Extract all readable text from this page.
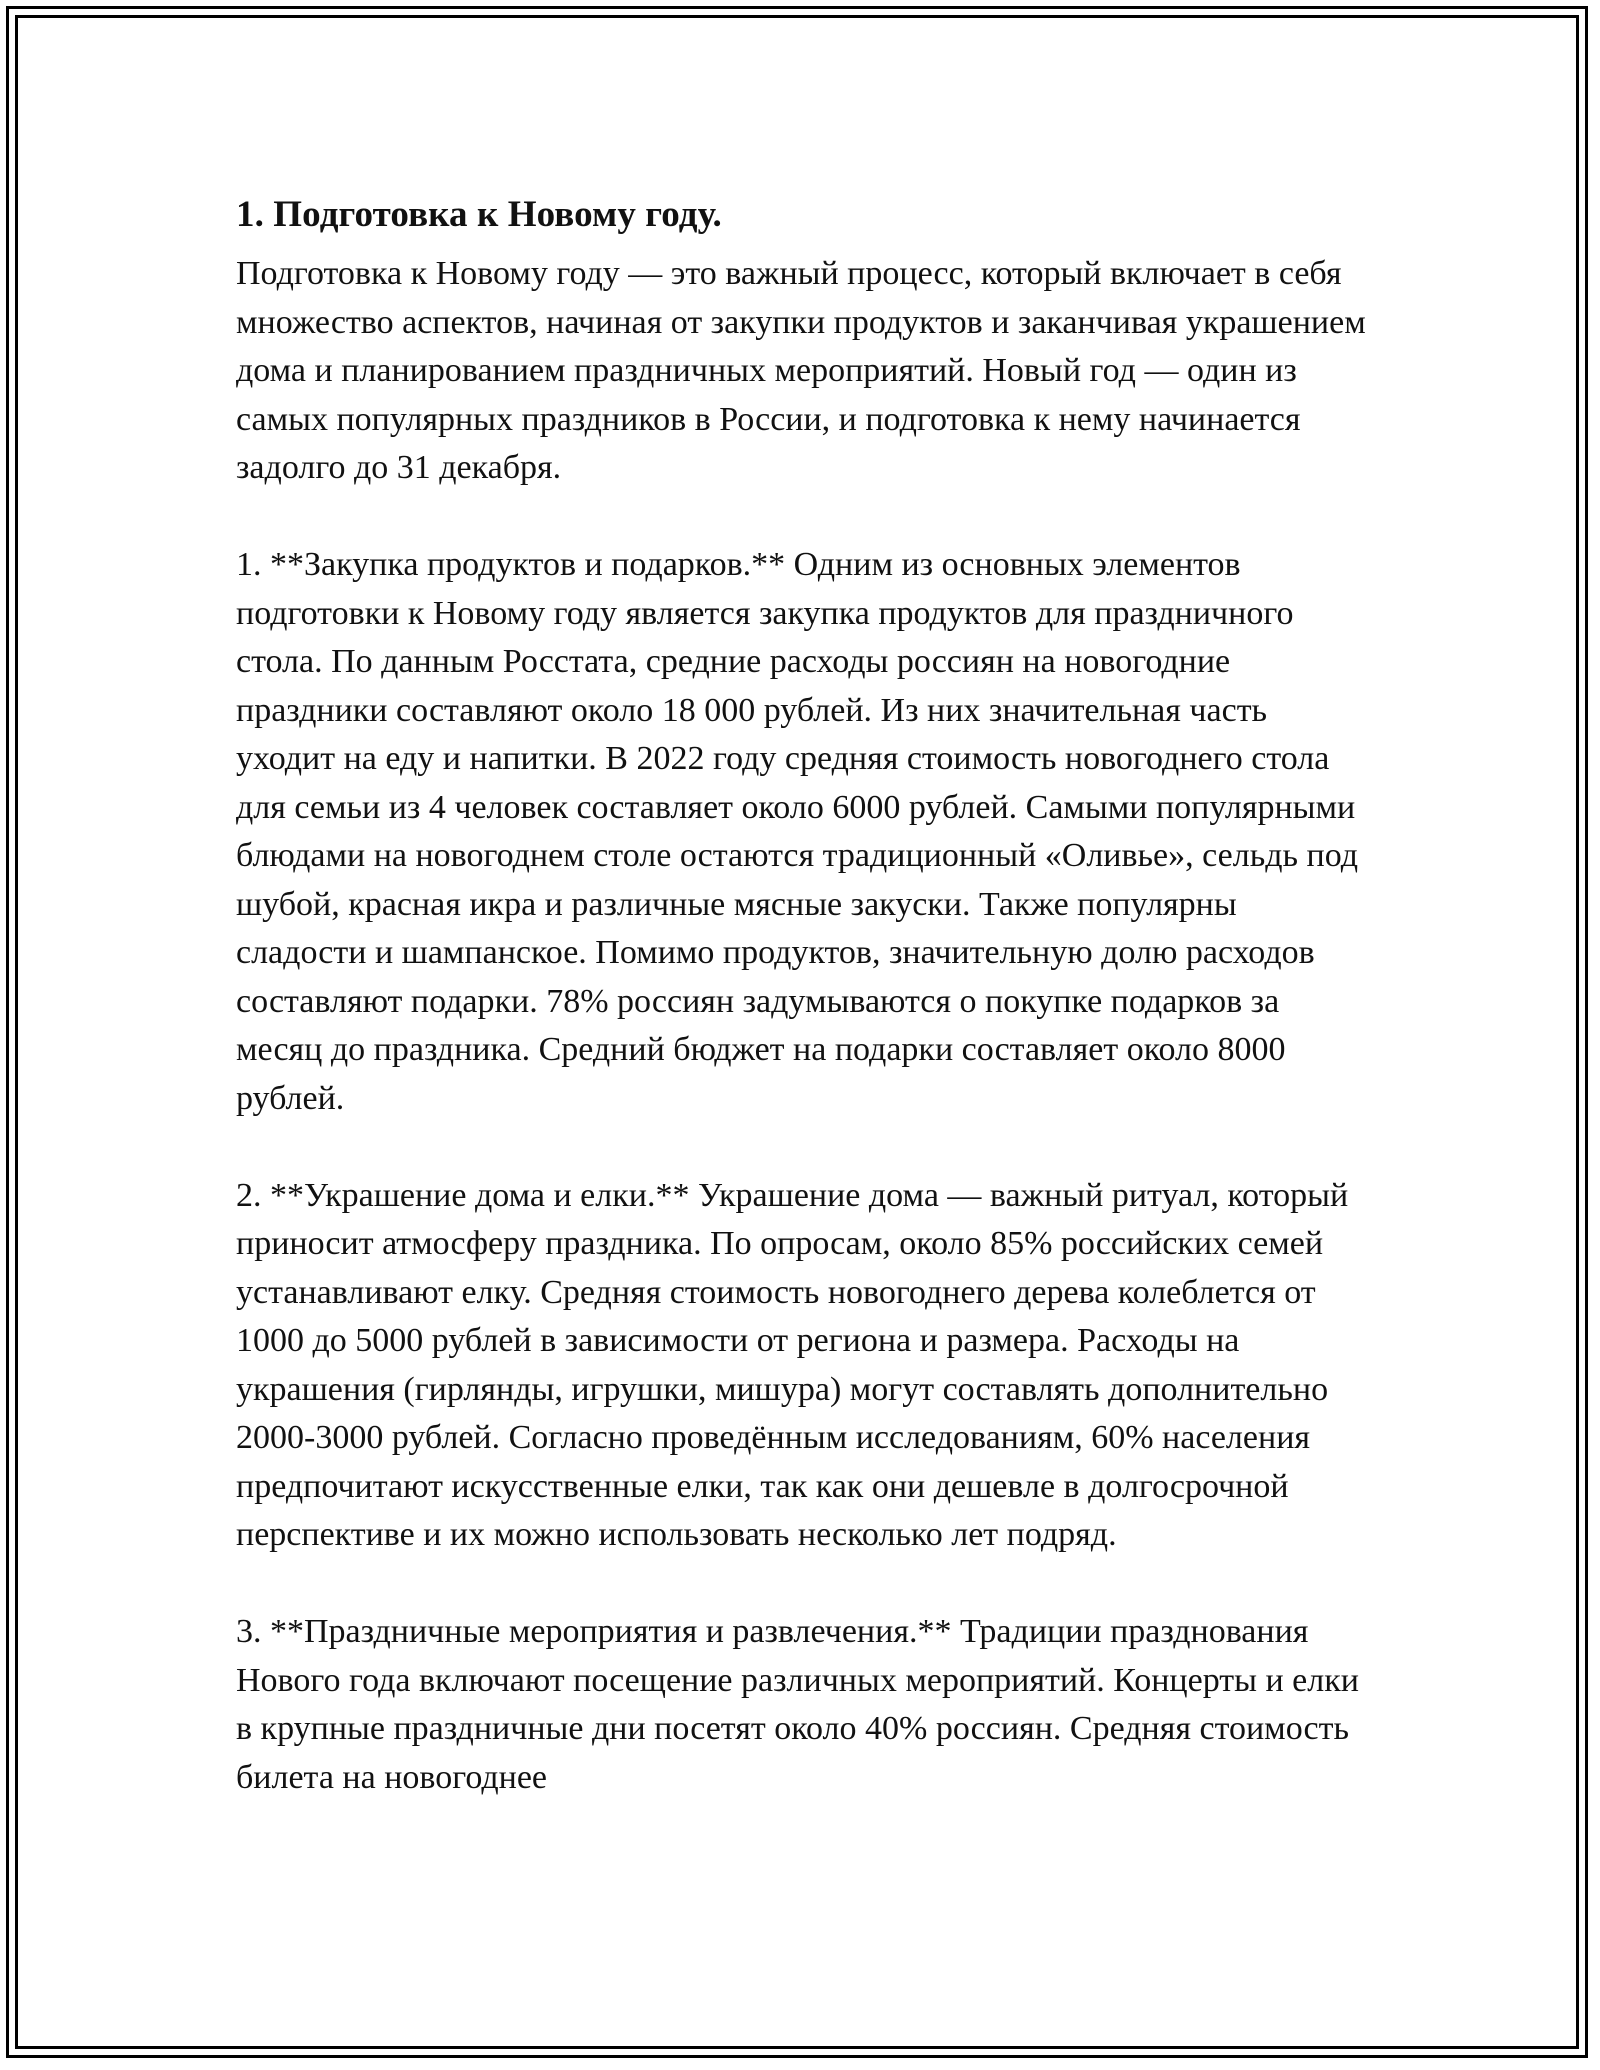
1. Подготовка к Новому году.

Подготовка к Новому году — это важный процесс, который включает в себя множество аспектов, начиная от закупки продуктов и заканчивая украшением дома и планированием праздничных мероприятий. Новый год — один из самых популярных праздников в России, и подготовка к нему начинается задолго до 31 декабря.

1. **Закупка продуктов и подарков.** Одним из основных элементов подготовки к Новому году является закупка продуктов для праздничного стола. По данным Росстата, средние расходы россиян на новогодние праздники составляют около 18 000 рублей. Из них значительная часть уходит на еду и напитки. В 2022 году средняя стоимость новогоднего стола для семьи из 4 человек составляет около 6000 рублей. Самыми популярными блюдами на новогоднем столе остаются традиционный «Оливье», сельдь под шубой, красная икра и различные мясные закуски. Также популярны сладости и шампанское. Помимо продуктов, значительную долю расходов составляют подарки. 78% россиян задумываются о покупке подарков за месяц до праздника. Средний бюджет на подарки составляет около 8000 рублей.

2. **Украшение дома и елки.** Украшение дома — важный ритуал, который приносит атмосферу праздника. По опросам, около 85% российских семей устанавливают елку. Средняя стоимость новогоднего дерева колеблется от 1000 до 5000 рублей в зависимости от региона и размера. Расходы на украшения (гирлянды, игрушки, мишура) могут составлять дополнительно 2000-3000 рублей. Согласно проведённым исследованиям, 60% населения предпочитают искусственные елки, так как они дешевле в долгосрочной перспективе и их можно использовать несколько лет подряд.

3. **Праздничные мероприятия и развлечения.** Традиции празднования Нового года включают посещение различных мероприятий. Концерты и елки в крупные праздничные дни посетят около 40% россиян. Средняя стоимость билета на новогоднее
